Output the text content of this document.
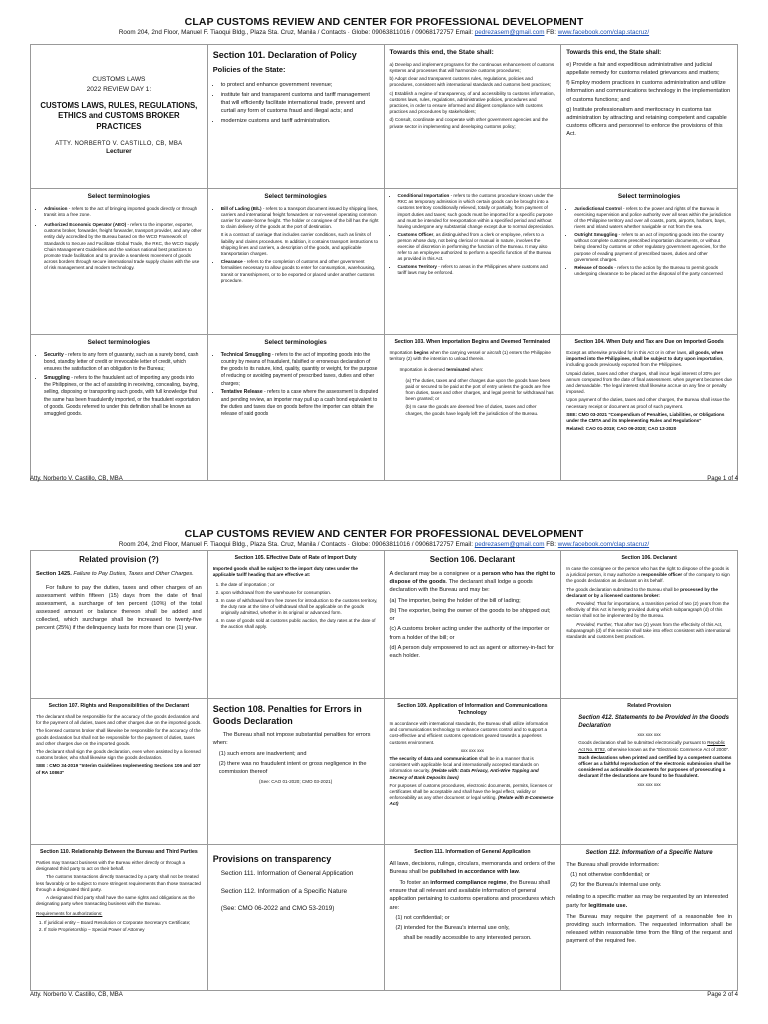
CLAP CUSTOMS REVIEW AND CENTER FOR PROFESSIONAL DEVELOPMENT
Room 204, 2nd Floor, Manuel F. Tiaoqui Bldg., Plaza Sta. Cruz, Manila / Contacts · Globe: 09063811016 / 09068172757 Email: pedrezasem@gmail.com FB: www.facebook.com/clap.stacruz/
CUSTOMS LAWS
2022 REVIEW DAY 1:
CUSTOMS LAWS, RULES, REGULATIONS, ETHICS and CUSTOMS BROKER PRACTICES
ATTY. NORBERTO V. CASTILLO, CB, MBA
Lecturer
Section 101. Declaration of Policy
Policies of the State:
• to protect and enhance government revenue;
• institute fair and transparent customs and tariff management that will efficiently facilitate international trade, prevent and curtail any form of customs fraud and illegal acts; and
• modernize customs and tariff administration.
Towards this end, the State shall:

a) Develop and implement programs for the continuous enhancement of customs systems and processes that will harmonize customs procedures;

b) Adopt clear and transparent customs rules, regulations, policies and procedures, consistent with international standards and customs best practices;

c) Establish a regime of transparency, of and accessibility to customs information, customs laws, rules, regulations, administrative policies, procedures and practices, in order to ensure informed and diligent compliance with customs practices and procedures by stakeholders;

d) Consult, coordinate and cooperate with other government agencies and the private sector in implementing and developing customs policy;

Towards this end, the State shall:

e) Provide a fair and expeditious administrative and judicial appellate remedy for customs related grievances and matters;

f) Employ modern practices in customs administration and utilize information and communications technology in the implementation of customs functions; and

g) Institute professionalism and meritocracy in customs tax administration by attracting and retaining competent and capable customs officers and personnel to enforce the provisions of this Act.

Select terminologies
• Admission - refers to the act of bringing imported goods directly or through transit into a free zone.
• Authorized Economic Operator (AEO) - refers to the importer, exporter, customs broker, forwarder, freight forwarder, transport provider, and any other entity duly accredited by the Bureau based on the WCO Framework of Standards to Secure and Facilitate Global Trade, the RKC, the WCO Supply Chain Management Guidelines and the various national best practices to promote trade facilitation and to provide a seamless movement of goods across borders through secure international trade supply chains with the use of risk management and modern technology.
Select terminologies
• Bill of Lading (B/L) - refers to a transport document issued by shipping lines, carriers and international freight forwarders or non-vessel operating common carrier for water-borne freight. The holder or consignee of the bill has the right to claim delivery of the goods at the port of destination.

It is a contract of carriage that includes carrier conditions, such as limits of liability and claims procedures. In addition, it contains transport instructions to shipping lines and carriers, a description of the goods, and applicable transportation charges.

• Clearance - refers to the completion of customs and other government formalities necessary to allow goods to enter for consumption, warehousing, transit or transshipment, or to be exported or placed under another customs procedure.
• Conditional Importation - refers to the customs procedure known under the RKC as temporary admission in which certain goods can be brought into a customs territory conditionally relieved, totally or partially, from payment of import duties and taxes; such goods must be imported for a specific purpose and must be intended for reexportation within a specified period and without having undergone any substantial change except due to normal depreciation.
• Customs Officer, as distinguished from a clerk or employee, refers to a person whose duty, not being clerical or manual in nature, involves the exercise of discretion in performing the function of the Bureau. It may also refer to an employee authorized to perform a specific function of the Bureau as provided in this Act.
• Customs Territory - refers to areas in the Philippines where customs and tariff laws may be enforced.
Select terminologies
• Jurisdictional Control - refers to the power and rights of the Bureau in exercising supervision and police authority over all seas within the jurisdiction of the Philippine territory and over all coasts, ports, airports, harbors, bays, rivers and inland waters whether navigable or not from the sea.
• Outright Smuggling - refers to an act of importing goods into the country without complete customs prescribed importation documents, or without being cleared by customs or other regulatory government agencies, for the purpose of evading payment of prescribed taxes, duties and other government charges.
• Release of Goods - refers to the action by the Bureau to permit goods undergoing clearance to be placed at the disposal of the party concerned
Select terminologies
• Security - refers to any form of guaranty, such as a surety bond, cash bond, standby letter of credit or irrevocable letter of credit, which ensures the satisfaction of an obligation to the Bureau;
• Smuggling - refers to the fraudulent act of importing any goods into the Philippines, or the act of assisting in receiving, concealing, buying, selling, disposing or transporting such goods, with full knowledge that the same has been fraudulently imported, or the fraudulent exportation of goods. Goods referred to under this definition shall be known as smuggled goods.
Select terminologies
• Technical Smuggling - refers to the act of importing goods into the country by means of fraudulent, falsified or erroneous declaration of the goods to its nature, kind, quality, quantity or weight, for the purpose of reducing or avoiding payment of prescribed taxes, duties and other charges;
• Tentative Release - refers to a case where the assessment is disputed and pending review, an importer may pull up a cash bond equivalent to the duties and taxes due on goods before the importer can obtain the release of said goods
Section 103. When Importation Begins and Deemed Terminated

Importation begins when the carrying vessel or aircraft (1) enters the Philippine territory (2) with the intention to unload therein.

Importation is deemed terminated when:

(a) The duties, taxes and other charges due upon the goods have been paid or secured to be paid at the port of entry unless the goods are free from duties, taxes and other charges, and legal permit for withdrawal has been granted; or

(b) In case the goods are deemed free of duties, taxes and other charges, the goods have legally left the jurisdiction of the Bureau.

Section 104. When Duty and Tax are Due on Imported Goods

Except as otherwise provided for in this Act or in other laws, all goods, when imported into the Philippines, shall be subject to duty upon importation, including goods previously exported from the Philippines.

Unpaid duties, taxes and other charges, shall incur legal interest of 20% per annum computed from the date of final assessment. when payment becomes due and demandable. The legal interest shall likewise accrue on any fine or penalty imposed.

Upon payment of the duties, taxes and other charges, the Bureau shall issue the necessary receipt or document as proof of such payment.

SEE: CMO 03-2021 "Compendium of Penalties, Liabilities, or Obligations under the CMTA and its Implementing Rules and Regulations"

Related: CAO 01-2019; CAO 09-2020; CAO 13-2020

Atty. Norberto V. Castillo, CB, MBA	Page 1 of 4
CLAP CUSTOMS REVIEW AND CENTER FOR PROFESSIONAL DEVELOPMENT
Room 204, 2nd Floor, Manuel F. Tiaoqui Bldg., Plaza Sta. Cruz, Manila / Contacts · Globe: 09063811016 / 09068172757 Email: pedrezasem@gmail.com FB: www.facebook.com/clap.stacruz/
Related provision (?)

Section 1425. Failure to Pay Duties, Taxes and Other Charges.

For failure to pay the duties, taxes and other charges of an assessment within fifteen (15) days from the date of final assessment, a surcharge of ten percent (10%) of the total assessed amount or balance thereon shall be added and collected, which surcharge shall be increased to twenty-five percent (25%) if the delinquency lasts for more than one (1) year.

Section 105. Effective Date of Rate of Import Duty

Imported goods shall be subject to the import duty rates under the applicable tariff heading that are effective at:

1. the date of importation ; or
2. upon withdrawal from the warehouse for consumption.
3. In case of withdrawal from free zones for introduction to the customs territory, the duty rate at the time of withdrawal shall be applicable on the goods originally admitted, whether in its original or advanced form.
4. In case of goods sold at customs public auction, the duty rates at the date of the auction shall apply.
Section 106. Declarant

A declarant may be a consignee or a person who has the right to dispose of the goods. The declarant shall lodge a goods declaration with the Bureau and may be:

(a) The importer, being the holder of the bill of lading;

(b) The exporter, being the owner of the goods to be shipped out; or

(c) A customs broker acting under the authority of the importer or from a holder of the bill; or

(d) A person duly empowered to act as agent or attorney-in-fact for each holder.

Section 106. Declarant

In case the consignee or the person who has the right to dispose of the goods is a juridical person, it may authorize a responsible officer of the company to sign the goods declaration as declarant on its behalf.

The goods declaration submitted to the Bureau shall be processed by the declarant or by a licensed customs broker:

Provided, That for importations, a transition period of two (2) years from the effectivity of this Act is hereby provided during which subparagraph (d) of this section shall not be implemented by the Bureau.

Provided, Further, That after two (2) years from the effectivity of this Act, subparagraph (d) of this section shall take into effect consistent with international standards and customs best practices.

Section 107. Rights and Responsibilities of the Declarant

The declarant shall be responsible for the accuracy of the goods declaration and for the payment of all duties, taxes and other charges due on the imported goods.

The licensed customs broker shall likewise be responsible for the accuracy of the goods declaration but shall not be responsible for the payment of duties, taxes and other charges due on the imported goods.

The declarant shall sign the goods declaration, even when assisted by a licensed customs broker, who shall likewise sign the goods declaration.

SEE : CMO 34-2019 "Interim Guidelines Implementing Sections 106 and 107 of RA 10863"

Section 108. Penalties for Errors in Goods Declaration

The Bureau shall not impose substantial penalties for errors when:

(1) such errors are inadvertent; and

(2) there was no fraudulent intent or gross negligence in the commission thereof

(See: CAO 01-2020; CMO 03-2021)

Section 109. Application of Information and Communications Technology

In accordance with international standards, the Bureau shall utilize information and communications technology to enhance customs control and to support a cost-effective and efficient customs operations geared towards a paperless customs environment.

xxx xxx xxx

The security of data and communication shall be in a manner that is consistent with applicable local and internationally accepted standards on information security. (Relate with: Data Privacy, Anti-Wire Tapping and Secrecy of Bank Deposits laws)

For purposes of customs procedures, electronic documents, permits, licenses or certificates shall be acceptable and shall have the legal effect, validity or enforceability as any other document or legal writing. (Relate with E-Commerce Act)

Related Provision

Section 412. Statements to be Provided in the Goods Declaration

xxx xxx xxx

Goods declaration shall be submitted electronically pursuant to Republic Act No. 8792, otherwise known as the "Electronic Commerce Act of 2000".

Such declarations when printed and certified by a competent customs officer as a faithful reproduction of the electronic submission shall be considered as actionable documents for purposes of prosecuting a declarant if the declarations are found to be fraudulent.

xxx xxx xxx

Section 110. Relationship Between the Bureau and Third Parties

Parties may transact business with the Bureau either directly or through a designated third party to act on their behalf.

The customs transactions directly transacted by a party shall not be treated less favorably or be subject to more stringent requirements than those transacted through a designated third party.

A designated third party shall have the same rights and obligations as the designating party when transacting business with the Bureau.

Requirements for authorizations:

1. If juridical entity – Board Resolution or Corporate Secretary's Certificate;
2. If Sole Proprietorship – Special Power of Attorney
Provisions on transparency

Section 111. Information of General Application

Section 112. Information of a Specific Nature

(See: CMO 06-2022 and CMO 53-2019)

Section 111. Information of General Application

All laws, decisions, rulings, circulars, memoranda and orders of the Bureau shall be published in accordance with law.

To foster an informed compliance regime, the Bureau shall ensure that all relevant and available information of general application pertaining to customs operations and procedures which are:

(1) not confidential; or

(2) intended for the Bureau's internal use only,

shall be readily accessible to any interested person.

Section 112. Information of a Specific Nature

The Bureau shall provide information:

(1) not otherwise confidential; or

(2) for the Bureau's internal use only.

relating to a specific matter as may be requested by an interested party for legitimate use.

The Bureau may require the payment of a reasonable fee in providing such information. The requested information shall be released within reasonable time from the filing of the request and payment of the required fee.

Atty. Norberto V. Castillo, CB, MBA	Page 2 of 4
